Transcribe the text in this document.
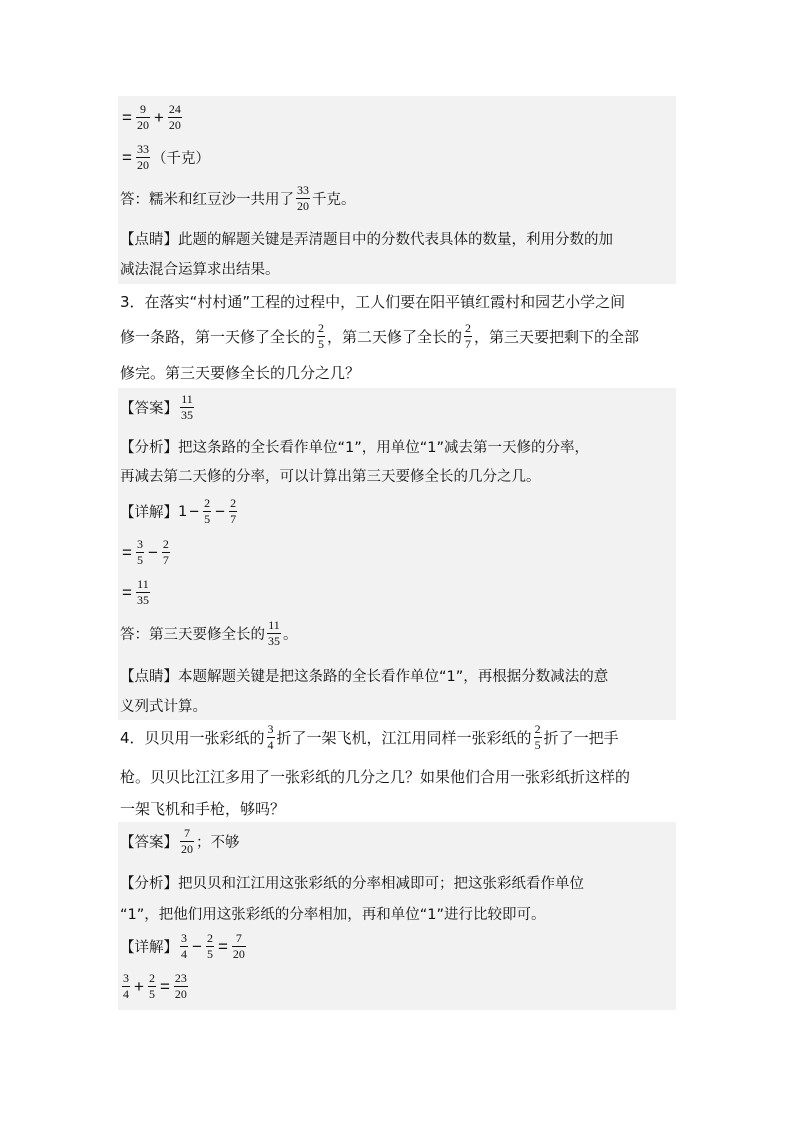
= $\frac{9}{20} + \frac{24}{20}$
= $\frac{33}{20}$ （千克）
答：糯米和红豆沙一共用了 $\frac{33}{20}$ 千克。
【点睛】此题的解题关键是弄清题目中的分数代表具体的数量，利用分数的加
减法混合运算求出结果。
3．在落实“村村通”工程的过程中，工人们要在阳平镇红霞村和园艺小学之间
修一条路，第一天修了全长的 $\frac{2}{5}$ ，第二天修了全长的 $\frac{2}{7}$ ，第三天要把剩下的全部
修完。第三天要修全长的几分之几？
【答案】 $\frac{11}{35}$
【分析】把这条路的全长看作单位“1”，用单位“1”减去第一天修的分率，
再减去第二天修的分率，可以计算出第三天要修全长的几分之几。
【详解】 $1 - \frac{2}{5} - \frac{2}{7}$
= $\frac{3}{5} - \frac{2}{7}$
= $\frac{11}{35}$
答：第三天要修全长的 $\frac{11}{35}$ 。
【点睛】本题解题关键是把这条路的全长看作单位“1”，再根据分数减法的意
义列式计算。
4．贝贝用一张彩纸的 $\frac{3}{4}$ 折了一架飞机，江江用同样一张彩纸的 $\frac{2}{5}$ 折了一把手
枪。贝贝比江江多用了一张彩纸的几分之几？如果他们合用一张彩纸折这样的
一架飞机和手枪，够吗？
【答案】 $\frac{7}{20}$ ；不够
【分析】把贝贝和江江用这张彩纸的分率相减即可；把这张彩纸看作单位
“1”，把他们用这张彩纸的分率相加，再和单位“1”进行比较即可。
【详解】 $\frac{3}{4} - \frac{2}{5} = \frac{7}{20}$
$\frac{3}{4} + \frac{2}{5} = \frac{23}{20}$
